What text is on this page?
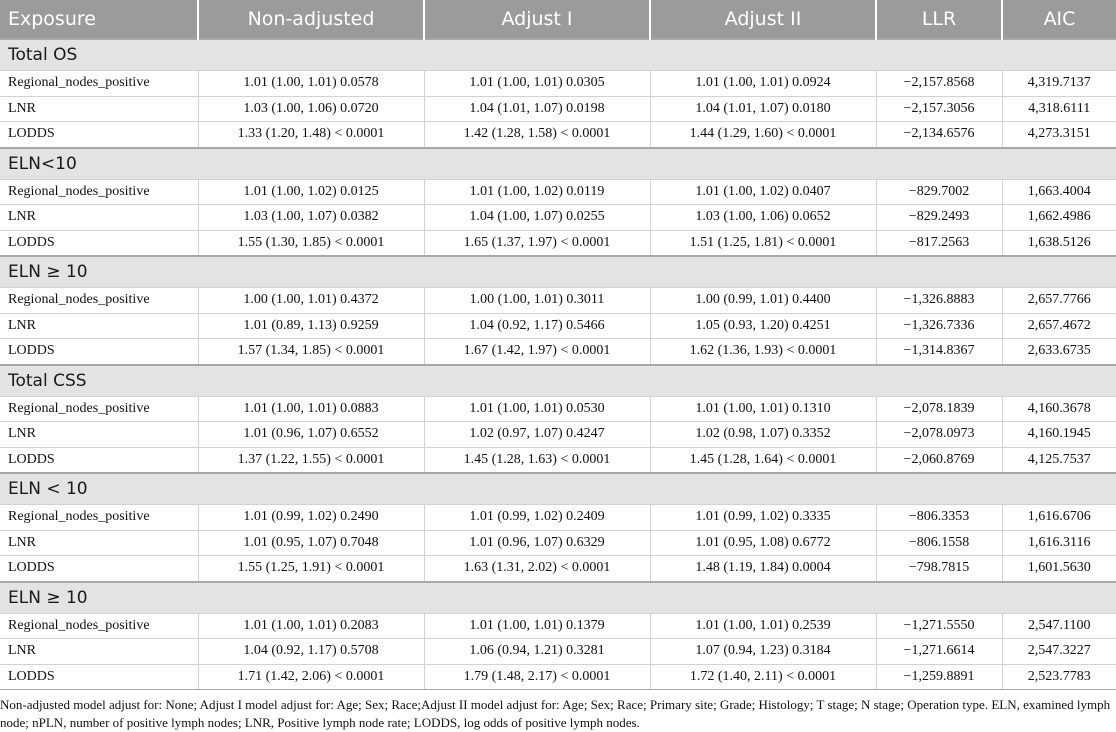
Exposure	Non-adjusted	Adjust I	Adjust II	LLR	AIC
Total OS					
Regional_nodes_positive	1.01 (1.00, 1.01) 0.0578	1.01 (1.00, 1.01) 0.0305	1.01 (1.00, 1.01) 0.0924	−2,157.8568	4,319.7137
LNR	1.03 (1.00, 1.06) 0.0720	1.04 (1.01, 1.07) 0.0198	1.04 (1.01, 1.07) 0.0180	−2,157.3056	4,318.6111
LODDS	1.33 (1.20, 1.48) < 0.0001	1.42 (1.28, 1.58) < 0.0001	1.44 (1.29, 1.60) < 0.0001	−2,134.6576	4,273.3151
ELN<10					
Regional_nodes_positive	1.01 (1.00, 1.02) 0.0125	1.01 (1.00, 1.02) 0.0119	1.01 (1.00, 1.02) 0.0407	−829.7002	1,663.4004
LNR	1.03 (1.00, 1.07) 0.0382	1.04 (1.00, 1.07) 0.0255	1.03 (1.00, 1.06) 0.0652	−829.2493	1,662.4986
LODDS	1.55 (1.30, 1.85) < 0.0001	1.65 (1.37, 1.97) < 0.0001	1.51 (1.25, 1.81) < 0.0001	−817.2563	1,638.5126
ELN ≥ 10					
Regional_nodes_positive	1.00 (1.00, 1.01) 0.4372	1.00 (1.00, 1.01) 0.3011	1.00 (0.99, 1.01) 0.4400	−1,326.8883	2,657.7766
LNR	1.01 (0.89, 1.13) 0.9259	1.04 (0.92, 1.17) 0.5466	1.05 (0.93, 1.20) 0.4251	−1,326.7336	2,657.4672
LODDS	1.57 (1.34, 1.85) < 0.0001	1.67 (1.42, 1.97) < 0.0001	1.62 (1.36, 1.93) < 0.0001	−1,314.8367	2,633.6735
Total CSS					
Regional_nodes_positive	1.01 (1.00, 1.01) 0.0883	1.01 (1.00, 1.01) 0.0530	1.01 (1.00, 1.01) 0.1310	−2,078.1839	4,160.3678
LNR	1.01 (0.96, 1.07) 0.6552	1.02 (0.97, 1.07) 0.4247	1.02 (0.98, 1.07) 0.3352	−2,078.0973	4,160.1945
LODDS	1.37 (1.22, 1.55) < 0.0001	1.45 (1.28, 1.63) < 0.0001	1.45 (1.28, 1.64) < 0.0001	−2,060.8769	4,125.7537
ELN < 10					
Regional_nodes_positive	1.01 (0.99, 1.02) 0.2490	1.01 (0.99, 1.02) 0.2409	1.01 (0.99, 1.02) 0.3335	−806.3353	1,616.6706
LNR	1.01 (0.95, 1.07) 0.7048	1.01 (0.96, 1.07) 0.6329	1.01 (0.95, 1.08) 0.6772	−806.1558	1,616.3116
LODDS	1.55 (1.25, 1.91) < 0.0001	1.63 (1.31, 2.02) < 0.0001	1.48 (1.19, 1.84) 0.0004	−798.7815	1,601.5630
ELN ≥ 10					
Regional_nodes_positive	1.01 (1.00, 1.01) 0.2083	1.01 (1.00, 1.01) 0.1379	1.01 (1.00, 1.01) 0.2539	−1,271.5550	2,547.1100
LNR	1.04 (0.92, 1.17) 0.5708	1.06 (0.94, 1.21) 0.3281	1.07 (0.94, 1.23) 0.3184	−1,271.6614	2,547.3227
LODDS	1.71 (1.42, 2.06) < 0.0001	1.79 (1.48, 2.17) < 0.0001	1.72 (1.40, 2.11) < 0.0001	−1,259.8891	2,523.7783
Non-adjusted model adjust for: None; Adjust I model adjust for: Age; Sex; Race;Adjust II model adjust for: Age; Sex; Race; Primary site; Grade; Histology; T stage; N stage; Operation type. ELN, examined lymph node; nPLN, number of positive lymph nodes; LNR, Positive lymph node rate; LODDS, log odds of positive lymph nodes.
